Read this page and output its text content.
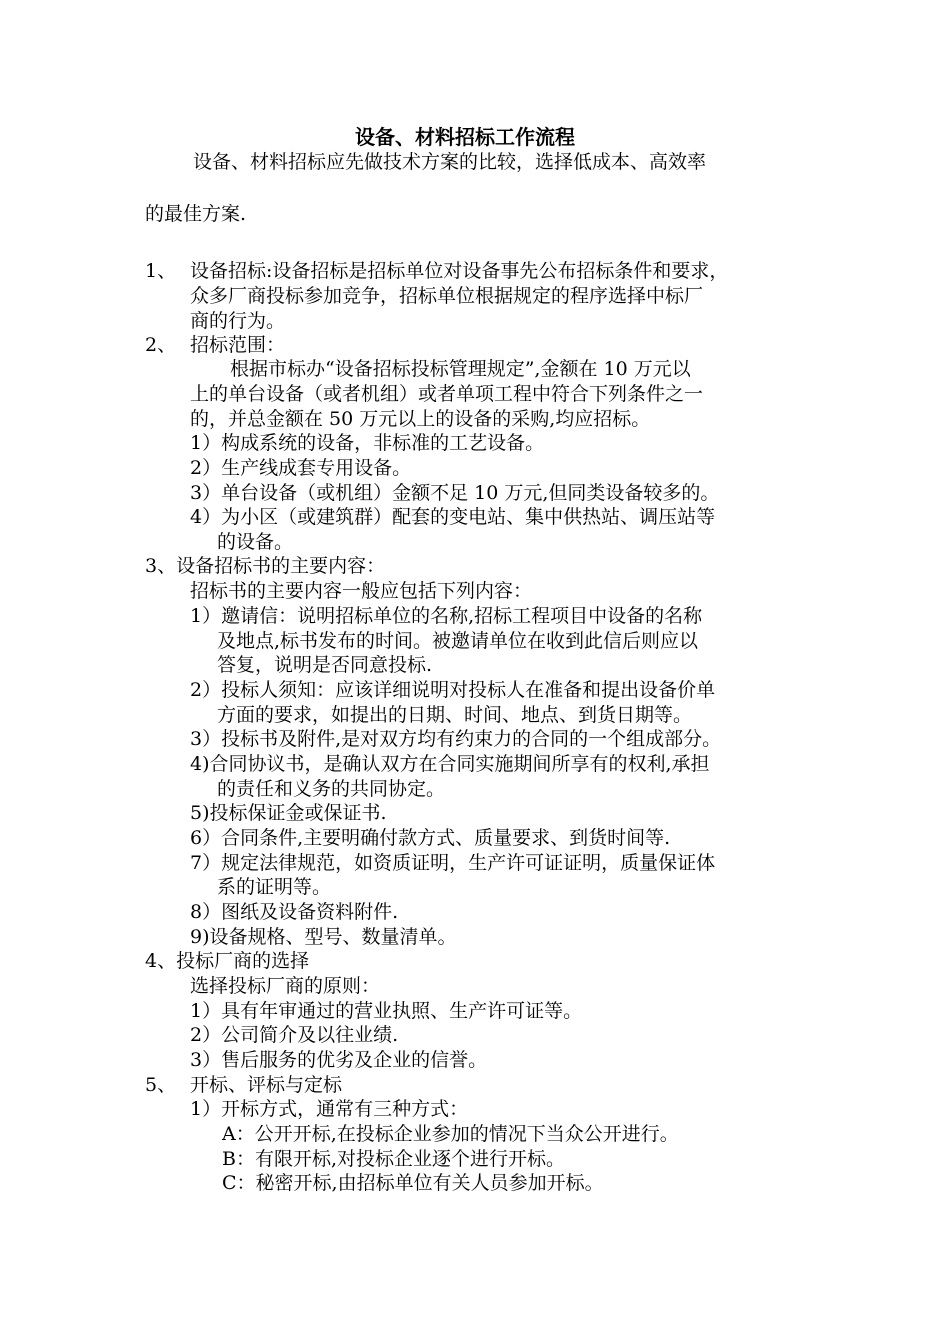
设备、材料招标工作流程
设备、材料招标应先做技术方案的比较，选择低成本、高效率
的最佳方案.
1、 设备招标:设备招标是招标单位对设备事先公布招标条件和要求，
众多厂商投标参加竞争，招标单位根据规定的程序选择中标厂
商的行为。
2、 招标范围：
根据市标办“设备招标投标管理规定”,金额在 10 万元以
上的单台设备（或者机组）或者单项工程中符合下列条件之一
的，并总金额在 50 万元以上的设备的采购,均应招标。
1）构成系统的设备，非标准的工艺设备。
2）生产线成套专用设备。
3）单台设备（或机组）金额不足 10 万元,但同类设备较多的。
4）为小区（或建筑群）配套的变电站、集中供热站、调压站等
的设备。
3、设备招标书的主要内容：
招标书的主要内容一般应包括下列内容：
1）邀请信：说明招标单位的名称,招标工程项目中设备的名称
及地点,标书发布的时间。被邀请单位在收到此信后则应以
答复，说明是否同意投标.
2）投标人须知：应该详细说明对投标人在准备和提出设备价单
方面的要求，如提出的日期、时间、地点、到货日期等。
3）投标书及附件,是对双方均有约束力的合同的一个组成部分。
4)合同协议书，是确认双方在合同实施期间所享有的权利,承担
的责任和义务的共同协定。
5)投标保证金或保证书.
6）合同条件,主要明确付款方式、质量要求、到货时间等.
7）规定法律规范，如资质证明，生产许可证证明，质量保证体
系的证明等。
8）图纸及设备资料附件.
9)设备规格、型号、数量清单。
4、投标厂商的选择
选择投标厂商的原则：
1）具有年审通过的营业执照、生产许可证等。
2）公司简介及以往业绩.
3）售后服务的优劣及企业的信誉。
5、 开标、评标与定标
1）开标方式，通常有三种方式：
A：公开开标,在投标企业参加的情况下当众公开进行。
B：有限开标,对投标企业逐个进行开标。
C：秘密开标,由招标单位有关人员参加开标。
